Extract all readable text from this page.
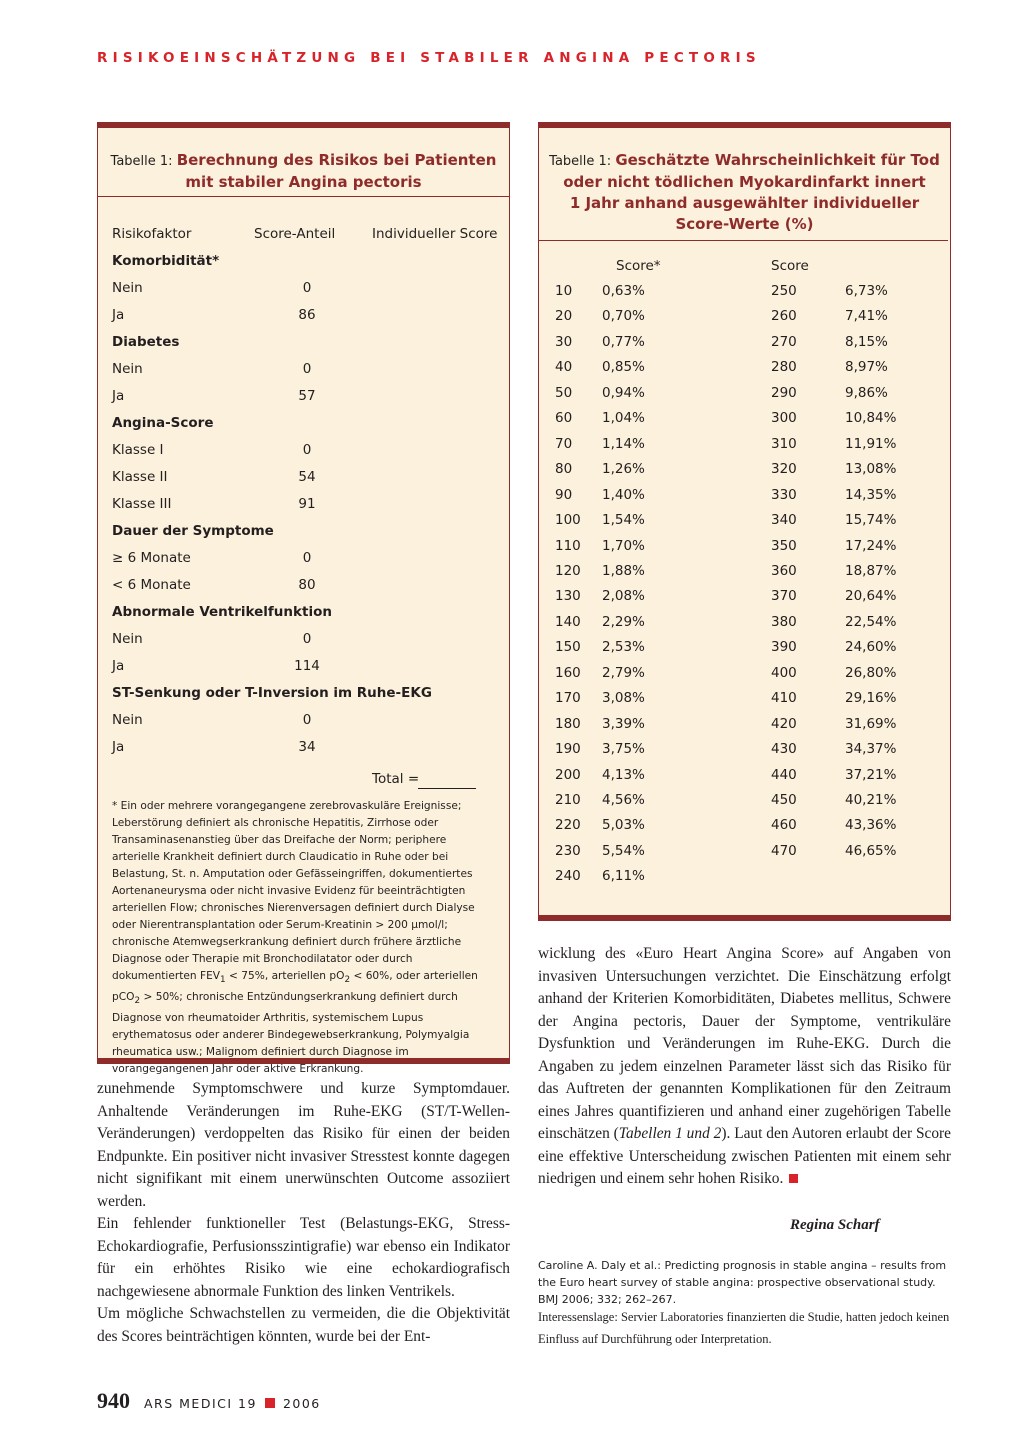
RISIKOEINSCHÄTZUNG BEI STABILER ANGINA PECTORIS
Tabelle 1: Berechnung des Risikos bei Patienten
mit stabiler Angina pectoris
Risikofaktor	Score-Anteil	Individueller Score
Komorbidität*
Nein	0
Ja	86
Diabetes
Nein	0
Ja	57
Angina-Score
Klasse I	0
Klasse II	54
Klasse III	91
Dauer der Symptome
≥ 6 Monate	0
< 6 Monate	80
Abnormale Ventrikelfunktion
Nein	0
Ja	114
ST-Senkung oder T-Inversion im Ruhe-EKG
Nein	0
Ja	34
Total =
* Ein oder mehrere vorangegangene zerebrovaskuläre Ereignisse; Leberstörung definiert als chronische Hepatitis, Zirrhose oder Transaminasenanstieg über das Dreifache der Norm; periphere arterielle Krankheit definiert durch Claudicatio in Ruhe oder bei Belastung, St. n. Amputation oder Gefässeingriffen, dokumentiertes Aortenaneurysma oder nicht invasive Evidenz für beeinträchtigten arteriellen Flow; chronisches Nierenversagen definiert durch Dialyse oder Nierentransplantation oder Serum-Kreatinin > 200 µmol/l; chronische Atemwegserkrankung definiert durch frühere ärztliche Diagnose oder Therapie mit Bronchodilatator oder durch dokumentierten $FEV_1 < 75\%$, arteriellen $pO_2 < 60\%$, oder arteriellen pCO$_2$ > 50%; chronische Entzündungserkrankung definiert durch Diagnose von rheumatoider Arthritis, systemischem Lupus erythematosus oder anderer Bindegewebserkrankung, Polymyalgia rheumatica usw.; Malignom definiert durch Diagnose im vorangegangenen Jahr oder aktive Erkrankung.
Tabelle 1: Geschätzte Wahrscheinlichkeit für Tod
oder nicht tödlichen Myokardinfarkt innert
1 Jahr anhand ausgewählter individueller
Score-Werte (%)
Score*	Score
10 0,63%	250	6,73%
20 0,70%	260	7,41%
30 0,77%	270	8,15%
40 0,85%	280	8,97%
50 0,94%	290	9,86%
60 1,04%	300	10,84%
70 1,14%	310	11,91%
80 1,26%	320	13,08%
90 1,40%	330	14,35%
100 1,54%	340	15,74%
110 1,70%	350	17,24%
120 1,88%	360	18,87%
130 2,08%	370	20,64%
140 2,29%	380	22,54%
150 2,53%	390	24,60%
160 2,79%	400	26,80%
170 3,08%	410	29,16%
180 3,39%	420	31,69%
190 3,75%	430	34,37%
200 4,13%	440	37,21%
210 4,56%	450	40,21%
220 5,03%	460	43,36%
230 5,54%	470	46,65%
240 6,11%

zunehmende Symptomschwere und kurze Symptomdauer. Anhaltende Veränderungen im Ruhe-EKG (ST/T-Wellen-Veränderungen) verdoppelten das Risiko für einen der beiden Endpunkte. Ein positiver nicht invasiver Stresstest konnte dagegen nicht signifikant mit einem unerwünschten Outcome assoziiert werden.

Ein fehlender funktioneller Test (Belastungs-EKG, Stress-Echokardiografie, Perfusionsszintigrafie) war ebenso ein Indikator für ein erhöhtes Risiko wie eine echokardiografisch nachgewiesene abnormale Funktion des linken Ventrikels.

Um mögliche Schwachstellen zu vermeiden, die die Objektivität des Scores beinträchtigen könnten, wurde bei der Ent-

wicklung des «Euro Heart Angina Score» auf Angaben von invasiven Untersuchungen verzichtet. Die Einschätzung erfolgt anhand der Kriterien Komorbiditäten, Diabetes mellitus, Schwere der Angina pectoris, Dauer der Symptome, ventrikuläre Dysfunktion und Veränderungen im Ruhe-EKG. Durch die Angaben zu jedem einzelnen Parameter lässt sich das Risiko für das Auftreten der genannten Komplikationen für den Zeitraum eines Jahres quantifizieren und anhand einer zugehörigen Tabelle einschätzen (Tabellen 1 und 2). Laut den Autoren erlaubt der Score eine effektive Unterscheidung zwischen Patienten mit einem sehr niedrigen und einem sehr hohen Risiko.

Regina Scharf
Caroline A. Daly et al.: Predicting prognosis in stable angina – results from the Euro heart survey of stable angina: prospective observational study. BMJ 2006; 332; 262–267.
Interessenslage: Servier Laboratories finanzierten die Studie, hatten jedoch keinen Einfluss auf Durchführung oder Interpretation.
940 ARS MEDICI 19 2006
